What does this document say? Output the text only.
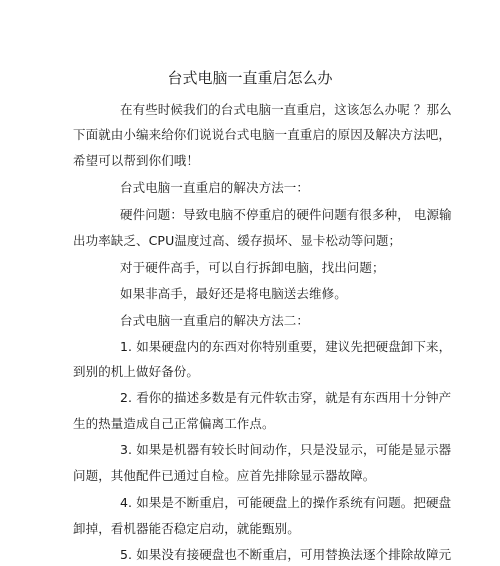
台式电脑一直重启怎么办
在有些时候我们的台式电脑一直重启，这该怎么办呢 ？那么
下面就由小编来给你们说说台式电脑一直重启的原因及解决方法吧，
希望可以帮到你们哦！
台式电脑一直重启的解决方法一：
硬件问题：导致电脑不停重启的硬件问题有很多种， 电源输
出功率缺乏、CPU温度过高、缓存损坏、显卡松动等问题；
对于硬件高手，可以自行拆卸电脑，找出问题；
如果非高手，最好还是将电脑送去维修。
台式电脑一直重启的解决方法二：
1. 如果硬盘内的东西对你特别重要，建议先把硬盘卸下来，
到别的机上做好备份。
2. 看你的描述多数是有元件软击穿，就是有东西用十分钟产
生的热量造成自己正常偏离工作点。
3. 如果是机器有较长时间动作，只是没显示，可能是显示器
问题，其他配件已通过自检。应首先排除显示器故障。
4. 如果是不断重启，可能硬盘上的操作系统有问题。把硬盘
卸掉，看机器能否稳定启动，就能甄别。
5. 如果没有接硬盘也不断重启，可用替换法逐个排除故障元
